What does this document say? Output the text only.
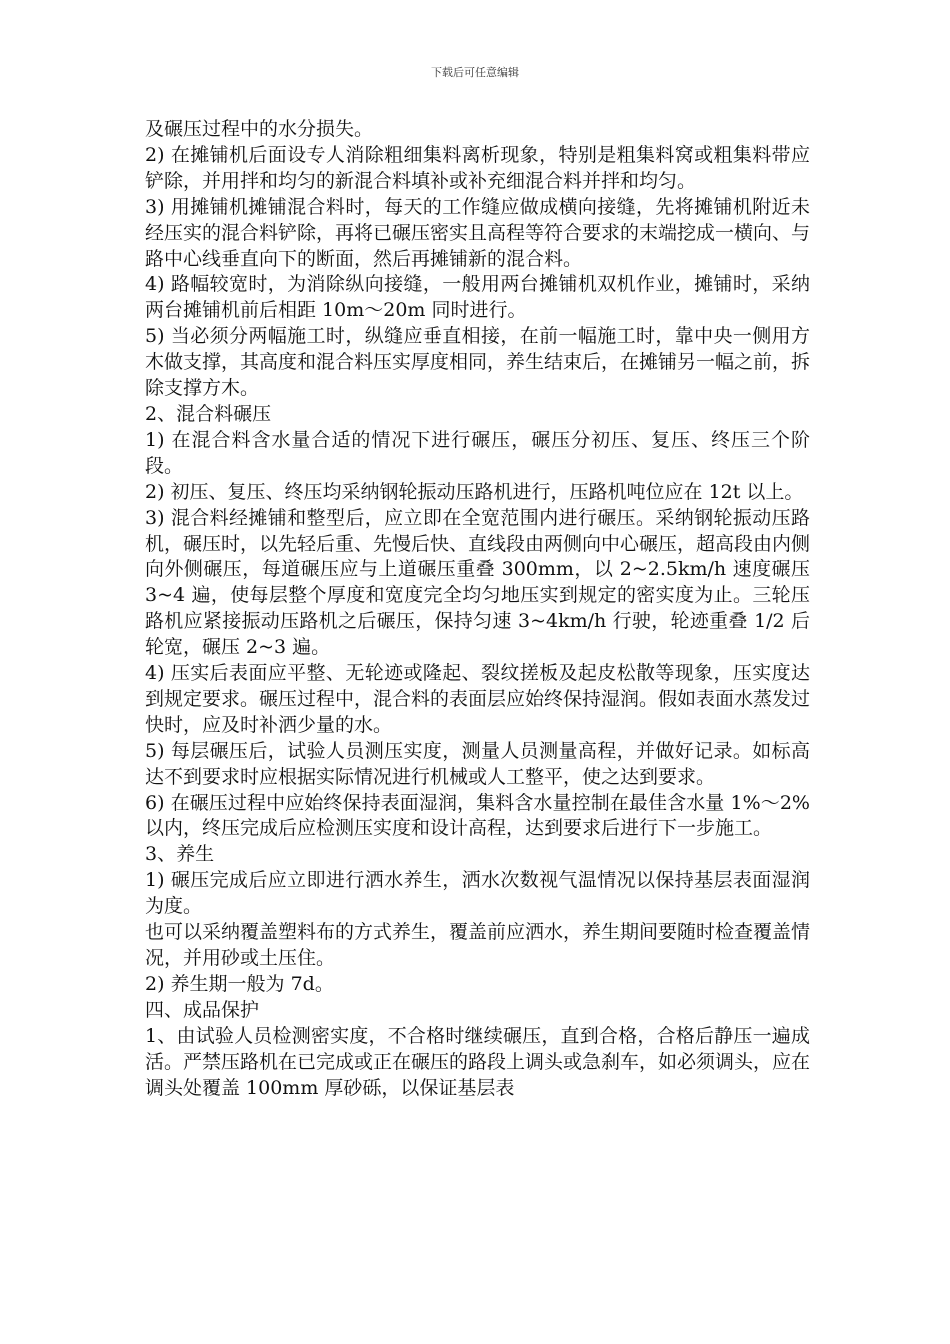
下载后可任意编辑

及碾压过程中的水分损失。

2) 在摊铺机后面设专人消除粗细集料离析现象，特别是粗集料窝或粗集料带应铲除，并用拌和均匀的新混合料填补或补充细混合料并拌和均匀。

3) 用摊铺机摊铺混合料时，每天的工作缝应做成横向接缝，先将摊铺机附近未经压实的混合料铲除，再将已碾压密实且高程等符合要求的末端挖成一横向、与路中心线垂直向下的断面，然后再摊铺新的混合料。

4) 路幅较宽时，为消除纵向接缝，一般用两台摊铺机双机作业，摊铺时，采纳两台摊铺机前后相距 10m～20m 同时进行。

5) 当必须分两幅施工时，纵缝应垂直相接，在前一幅施工时，靠中央一侧用方木做支撑，其高度和混合料压实厚度相同，养生结束后，在摊铺另一幅之前，拆除支撑方木。

2、混合料碾压

1) 在混合料含水量合适的情况下进行碾压，碾压分初压、复压、终压三个阶段。

2) 初压、复压、终压均采纳钢轮振动压路机进行，压路机吨位应在 12t 以上。

3) 混合料经摊铺和整型后，应立即在全宽范围内进行碾压。采纳钢轮振动压路机，碾压时，以先轻后重、先慢后快、直线段由两侧向中心碾压，超高段由内侧向外侧碾压，每道碾压应与上道碾压重叠 300mm，以 2~2.5km/h 速度碾压 3~4 遍，使每层整个厚度和宽度完全均匀地压实到规定的密实度为止。三轮压路机应紧接振动压路机之后碾压，保持匀速 3~4km/h 行驶，轮迹重叠 1/2 后轮宽，碾压 2~3 遍。

4) 压实后表面应平整、无轮迹或隆起、裂纹搓板及起皮松散等现象，压实度达到规定要求。碾压过程中，混合料的表面层应始终保持湿润。假如表面水蒸发过快时，应及时补洒少量的水。

5) 每层碾压后，试验人员测压实度，测量人员测量高程，并做好记录。如标高达不到要求时应根据实际情况进行机械或人工整平，使之达到要求。

6) 在碾压过程中应始终保持表面湿润，集料含水量控制在最佳含水量 1%～2%以内，终压完成后应检测压实度和设计高程，达到要求后进行下一步施工。

3、养生

1) 碾压完成后应立即进行洒水养生，洒水次数视气温情况以保持基层表面湿润为度。

也可以采纳覆盖塑料布的方式养生，覆盖前应洒水，养生期间要随时检查覆盖情况，并用砂或土压住。

2) 养生期一般为 7d。

四、成品保护

1、由试验人员检测密实度，不合格时继续碾压，直到合格，合格后静压一遍成活。严禁压路机在已完成或正在碾压的路段上调头或急刹车，如必须调头，应在调头处覆盖 100mm 厚砂砾，以保证基层表
